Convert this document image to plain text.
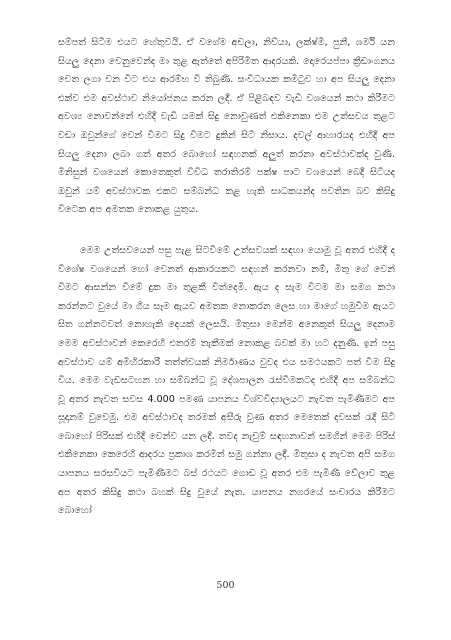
සම්පත් සිටීම එයට හේතුවයි. ඒ වගේම අචලා, නිව්යා, ලක්ෂ්මී, පුනී, ශර්මි යන සියලු දෙනා වෙනුවෙන්ද මා තුළ ඇත්තේ අපිරිමිත ආදරයකි. දොරෙයප්පා ක්‍රීඩාංගනය වෙත ලගා වන විට එය ආරම්භ වී තිබුණි. සංවිධායක කමිටුව හා අප සියලු දෙනා එක්ව එම අවස්ථාව නියෝජනය කරන ලදී. ඒ පිළිබඳව වැඩි වශයෙන් කථා කිරීමට අවශ්‍ය නොවන්නේ එහිදී වැඩි යමක් සිදු නොවුණත් එකිනෙකා එම උත්සවය තුළට වඩා ඔවුන්ගේ වෙන් වීමට සිදු වීමට දුකින් සිටි නිසාය. දවල් ආහාරයද එහිදී අප සියලු දෙනා ලබා ගත් අතර බොහෝ සඳහනක් අලුත් කරනා අවස්ථාවක්ද වුණි. මිනිසුන් වශයෙන් කොතෙකුත් විවිධ තරාතිරම් පක්ෂ පාට වශයෙන් බෙදී සිටියද ඔවුන් යම් අවස්ථාවක එකට සම්බන්ධ කළ හැකි සාධකයන්ද පවතින බව කිසිදු විටෙක අප අමතක නොකළ යුතුය.

මෙම උත්සවයෙන් පසු පැළ සිටවීමේ උත්සවයක් සඳහා යොමු වූ අතර එහිදී ද විශේෂ වශයෙන් හෝ වෙනත් ආකාරයකට සඳහන් කරනවා නම්, මිතු ගේ වෙන් වීමට ආසන්න වීමේ දුක මා තුළකී විත්දෙමි. ඇය ද සැම විටම මා සමග කථා කරන්නට වුයේ මා ගිය සෑම ඇයව අමතක නොකරන ලෙස හා මාගේ හමුවීම ඇයට සිත ගන්නටවත් නොහැකි දෙයක් ලෙසයි. මිතුසා මෙන්ම අනෙකුත් සියලු දෙනාම මෙම අවස්ථාවන් කෙරෙහි එතරම් තැකීමක් නොකළ බවක් මා හට දනුණි. ඉන් පසු අවස්ථාව යම් අමිහිරකාරී තත්ත්වයක් නිර්මාණය වුවද එය සමථයකට පත් විම සිදු විය. මෙම වැඩසටහන හා සම්බන්ධ වූ දේශපාලන රැස්වීමකටද එහිදී අප සම්බන්ධ වූ අතර නැවත සවස 4.000 පමණ යාපනය විශ්වවිද්‍යාලයට නැවත පැමිණීමට අප සූදානම් වුවෙමු. එම අවස්ථාවද තරමක් අසීරු වුණ අතර මෙතෙක් දවසක් රැදී සිටි බොහෝ පිරිසක් එහිදී වෙන්ව යන ලදී. තවද නැවුම් සඳහනාවන් සමගින් මෙම පිරිස් එකිනෙකා කෙරෙහි ආදරය ප්‍රකාශ කරමින් සමු ගන්නා ලදී. මිතුසා ද නැවත අපි සමග යාපනය සරසවියට පැමිණීමට බස් රථයට ගොඩ වූ අතර එම පැමිණී වේලාව තුළ අප අතර කිසිදු කථා බහක් සිදු වුයේ නැත. යාපනය නගරයේ සංචාරය කිරීමට බොහෝ

500
